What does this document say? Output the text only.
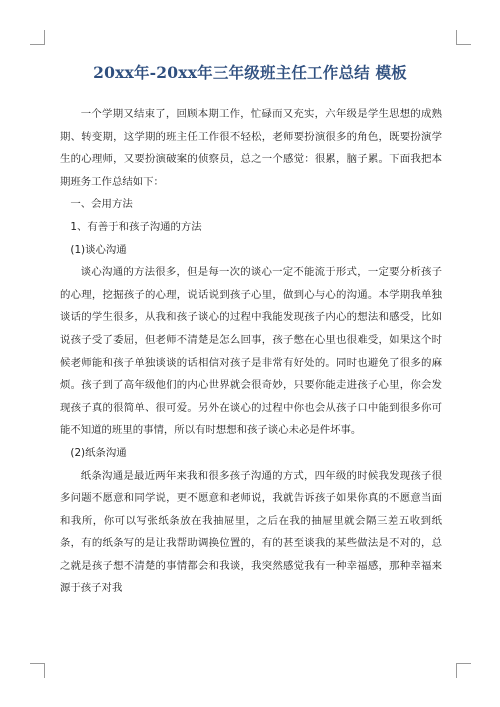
20xx年-20xx年三年级班主任工作总结 模板

一个学期又结束了，回顾本期工作，忙碌而又充实，六年级是学生思想的成熟期、转变期，这学期的班主任工作很不轻松，老师要扮演很多的角色，既要扮演学生的心理师，又要扮演破案的侦察员，总之一个感觉：很累，脑子累。下面我把本期班务工作总结如下：

一、会用方法

1、有善于和孩子沟通的方法

(1)谈心沟通

谈心沟通的方法很多，但是每一次的谈心一定不能流于形式，一定要分析孩子的心理，挖掘孩子的心理，说话说到孩子心里，做到心与心的沟通。本学期我单独谈话的学生很多，从我和孩子谈心的过程中我能发现孩子内心的想法和感受，比如说孩子受了委屈，但老师不清楚是怎么回事，孩子憋在心里也很难受，如果这个时候老师能和孩子单独谈谈的话相信对孩子是非常有好处的。同时也避免了很多的麻烦。孩子到了高年级他们的内心世界就会很奇妙，只要你能走进孩子心里，你会发现孩子真的很简单、很可爱。另外在谈心的过程中你也会从孩子口中能到很多你可能不知道的班里的事情，所以有时想想和孩子谈心未必是件坏事。

(2)纸条沟通

纸条沟通是最近两年来我和很多孩子沟通的方式，四年级的时候我发现孩子很多问题不愿意和同学说，更不愿意和老师说，我就告诉孩子如果你真的不愿意当面和我所，你可以写张纸条放在我抽屉里，之后在我的抽屉里就会隔三差五收到纸条，有的纸条写的是让我帮助调换位置的，有的甚至谈我的某些做法是不对的，总之就是孩子想不清楚的事情都会和我谈，我突然感觉我有一种幸福感，那种幸福来源于孩子对我
